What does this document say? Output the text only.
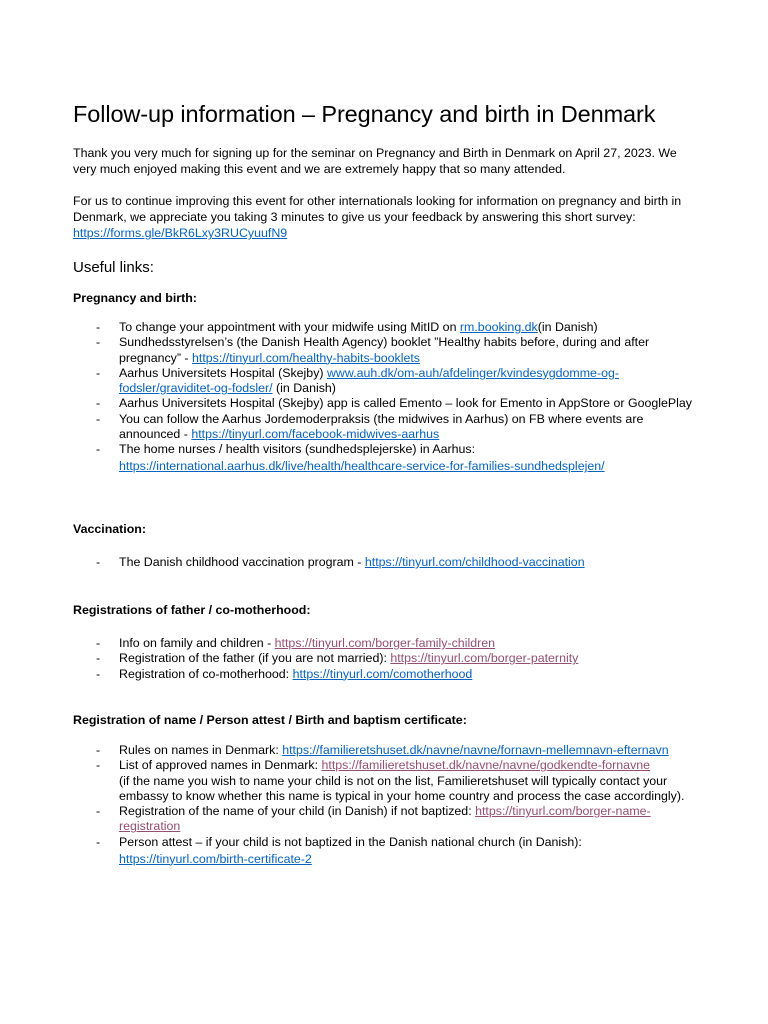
Follow-up information – Pregnancy and birth in Denmark

Thank you very much for signing up for the seminar on Pregnancy and Birth in Denmark on April 27, 2023. We very much enjoyed making this event and we are extremely happy that so many attended.

For us to continue improving this event for other internationals looking for information on pregnancy and birth in Denmark, we appreciate you taking 3 minutes to give us your feedback by answering this short survey: https://forms.gle/BkR6Lxy3RUCyuufN9

Useful links:
Pregnancy and birth:
- To change your appointment with your midwife using MitID on rm.booking.dk(in Danish)
- Sundhedsstyrelsen’s (the Danish Health Agency) booklet ”Healthy habits before, during and after pregnancy” - https://tinyurl.com/healthy-habits-booklets
- Aarhus Universitets Hospital (Skejby) www.auh.dk/om-auh/afdelinger/kvindesygdomme-og-fodsler/graviditet-og-fodsler/ (in Danish)
- Aarhus Universitets Hospital (Skejby) app is called Emento – look for Emento in AppStore or GooglePlay
- You can follow the Aarhus Jordemoderpraksis (the midwives in Aarhus) on FB where events are announced - https://tinyurl.com/facebook-midwives-aarhus
- The home nurses / health visitors (sundhedsplejerske) in Aarhus:
https://international.aarhus.dk/live/health/healthcare-service-for-families-sundhedsplejen/
Vaccination:
- The Danish childhood vaccination program - https://tinyurl.com/childhood-vaccination
Registrations of father / co-motherhood:
- Info on family and children - https://tinyurl.com/borger-family-children
- Registration of the father (if you are not married): https://tinyurl.com/borger-paternity
- Registration of co-motherhood: https://tinyurl.com/comotherhood
Registration of name / Person attest / Birth and baptism certificate:
- Rules on names in Denmark: https://familieretshuset.dk/navne/navne/fornavn-mellemnavn-efternavn
- List of approved names in Denmark: https://familieretshuset.dk/navne/navne/godkendte-fornavne
(if the name you wish to name your child is not on the list, Familieretshuset will typically contact your embassy to know whether this name is typical in your home country and process the case accordingly).
- Registration of the name of your child (in Danish) if not baptized: https://tinyurl.com/borger-name-registration
- Person attest – if your child is not baptized in the Danish national church (in Danish):
https://tinyurl.com/birth-certificate-2
